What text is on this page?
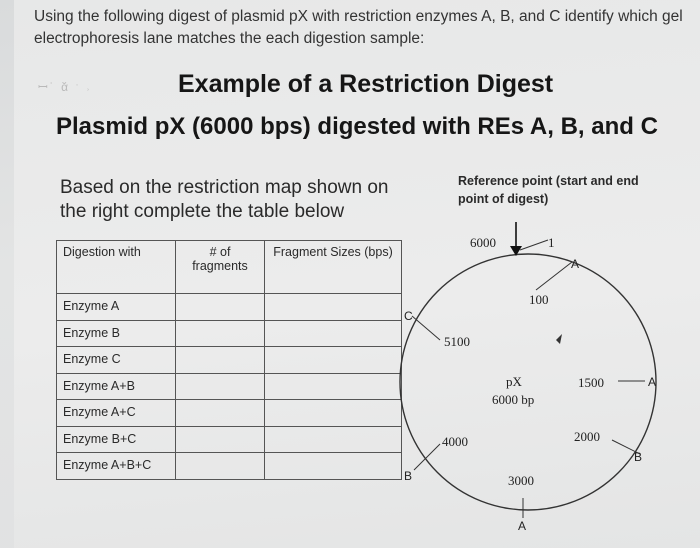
Using the following digest of plasmid pX with restriction enzymes A, B, and C identify which gel electrophoresis lane matches the each digestion sample:
ꟷ˙ ᾰ ˑ ˒	Example of a Restriction Digest
Plasmid pX (6000 bps) digested with REs A, B, and C
Based on the restriction map shown on the right complete the table below
Reference point (start and end point of digest)
Digestion with	# of fragments	Fragment Sizes (bps)
Enzyme A		
Enzyme B		
Enzyme C		
Enzyme A+B		
Enzyme A+C		
Enzyme B+C		
Enzyme A+B+C		
6000
100
5100
1500
4000	2000
3000
1
pX
6000 bp
A
C
A
B
B
A
